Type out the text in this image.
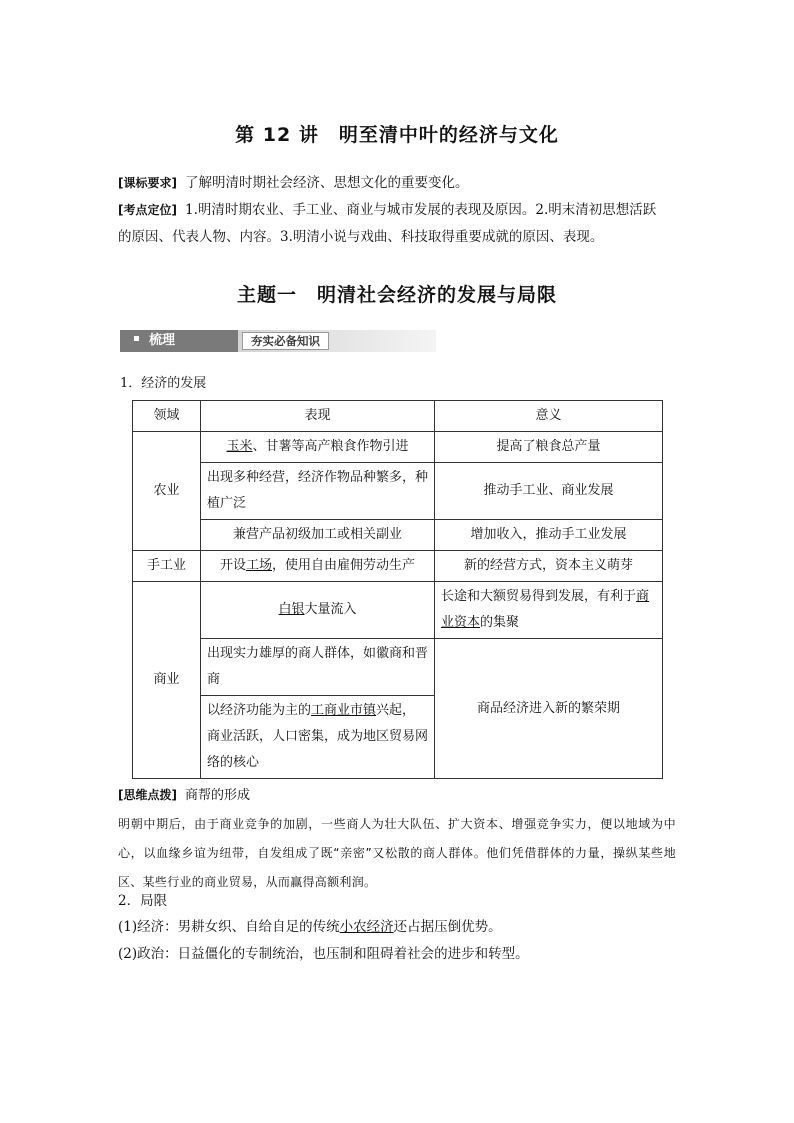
第 12 讲　明至清中叶的经济与文化
[课标要求] 了解明清时期社会经济、思想文化的重要变化。
[考点定位] 1.明清时期农业、手工业、商业与城市发展的表现及原因。2.明末清初思想活跃
的原因、代表人物、内容。3.明清小说与戏曲、科技取得重要成就的原因、表现。
主题一　明清社会经济的发展与局限
梳理	夯实必备知识
1．经济的发展
领域	表现	意义
农业	玉米、甘薯等高产粮食作物引进	提高了粮食总产量
	出现多种经营，经济作物品种繁多，种植广泛	推动手工业、商业发展
	兼营产品初级加工或相关副业	增加收入，推动手工业发展
手工业	开设工场，使用自由雇佣劳动生产	新的经营方式，资本主义萌芽
商业	白银大量流入	长途和大额贸易得到发展，有利于商业资本的集聚
	出现实力雄厚的商人群体，如徽商和晋商	商品经济进入新的繁荣期
	以经济功能为主的工商业市镇兴起，商业活跃，人口密集，成为地区贸易网络的核心	
[思维点拨] 商帮的形成
明朝中期后，由于商业竞争的加剧，一些商人为壮大队伍、扩大资本、增强竞争实力，便以地域为中心，以血缘乡谊为纽带，自发组成了既“亲密”又松散的商人群体。他们凭借群体的力量，操纵某些地区、某些行业的商业贸易，从而赢得高额利润。
2．局限
(1)经济：男耕女织、自给自足的传统小农经济还占据压倒优势。
(2)政治：日益僵化的专制统治，也压制和阻碍着社会的进步和转型。
